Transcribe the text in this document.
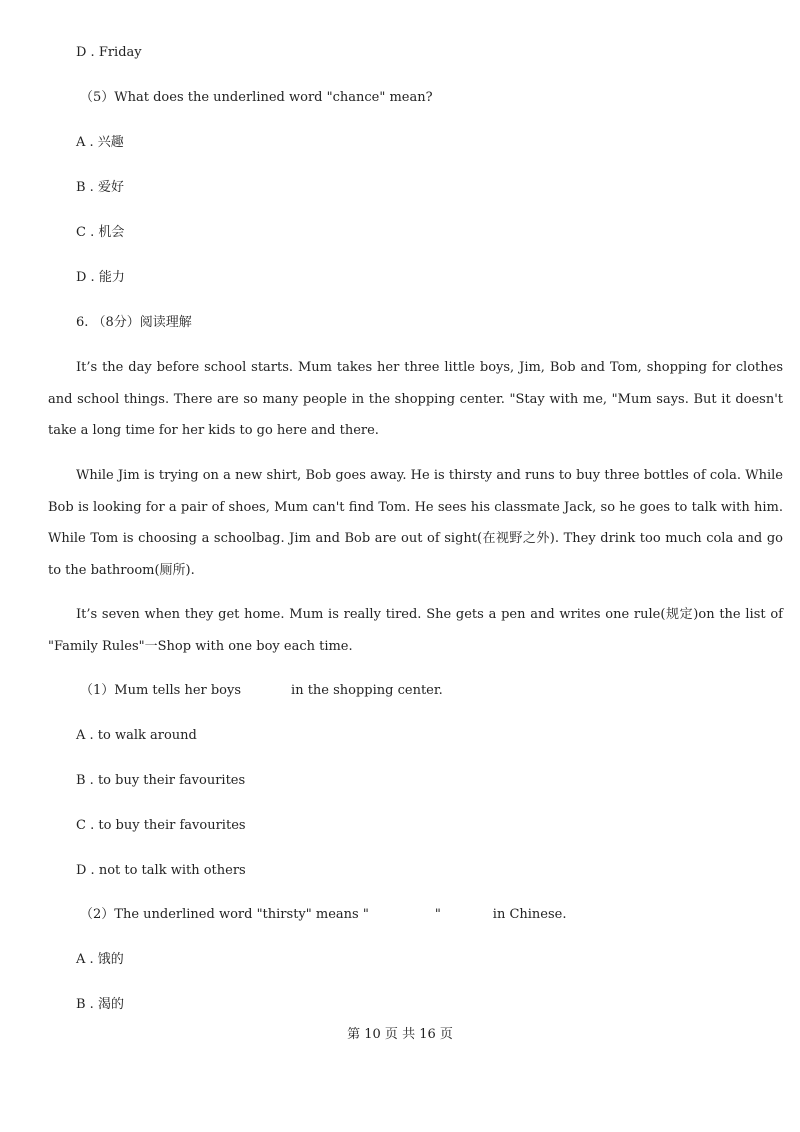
D . Friday
（5）What does the underlined word "chance" mean?
A . 兴趣
B . 爱好
C . 机会
D . 能力
6. （8分）阅读理解
It’s the day before school starts. Mum takes her three little boys, Jim, Bob and Tom, shopping for clothes and school things. There are so many people in the shopping center. "Stay with me, "Mum says. But it doesn't take a long time for her kids to go here and there.
While Jim is trying on a new shirt, Bob goes away. He is thirsty and runs to buy three bottles of cola. While Bob is looking for a pair of shoes, Mum can't find Tom. He sees his classmate Jack, so he goes to talk with him. While Tom is choosing a schoolbag. Jim and Bob are out of sight(在视野之外). They drink too much cola and go to the bathroom(厕所).
It’s seven when they get home. Mum is really tired. She gets a pen and writes one rule(规定)on the list of "Family Rules"一Shop with one boy each time.
（1）Mum tells her boys	in the shopping center.
A . to walk around
B . to buy their favourites
C . to buy their favourites
D . not to talk with others
（2）The underlined word "thirsty" means "	"	in Chinese.
A . 饿的
B . 渴的
第 10 页 共 16 页
